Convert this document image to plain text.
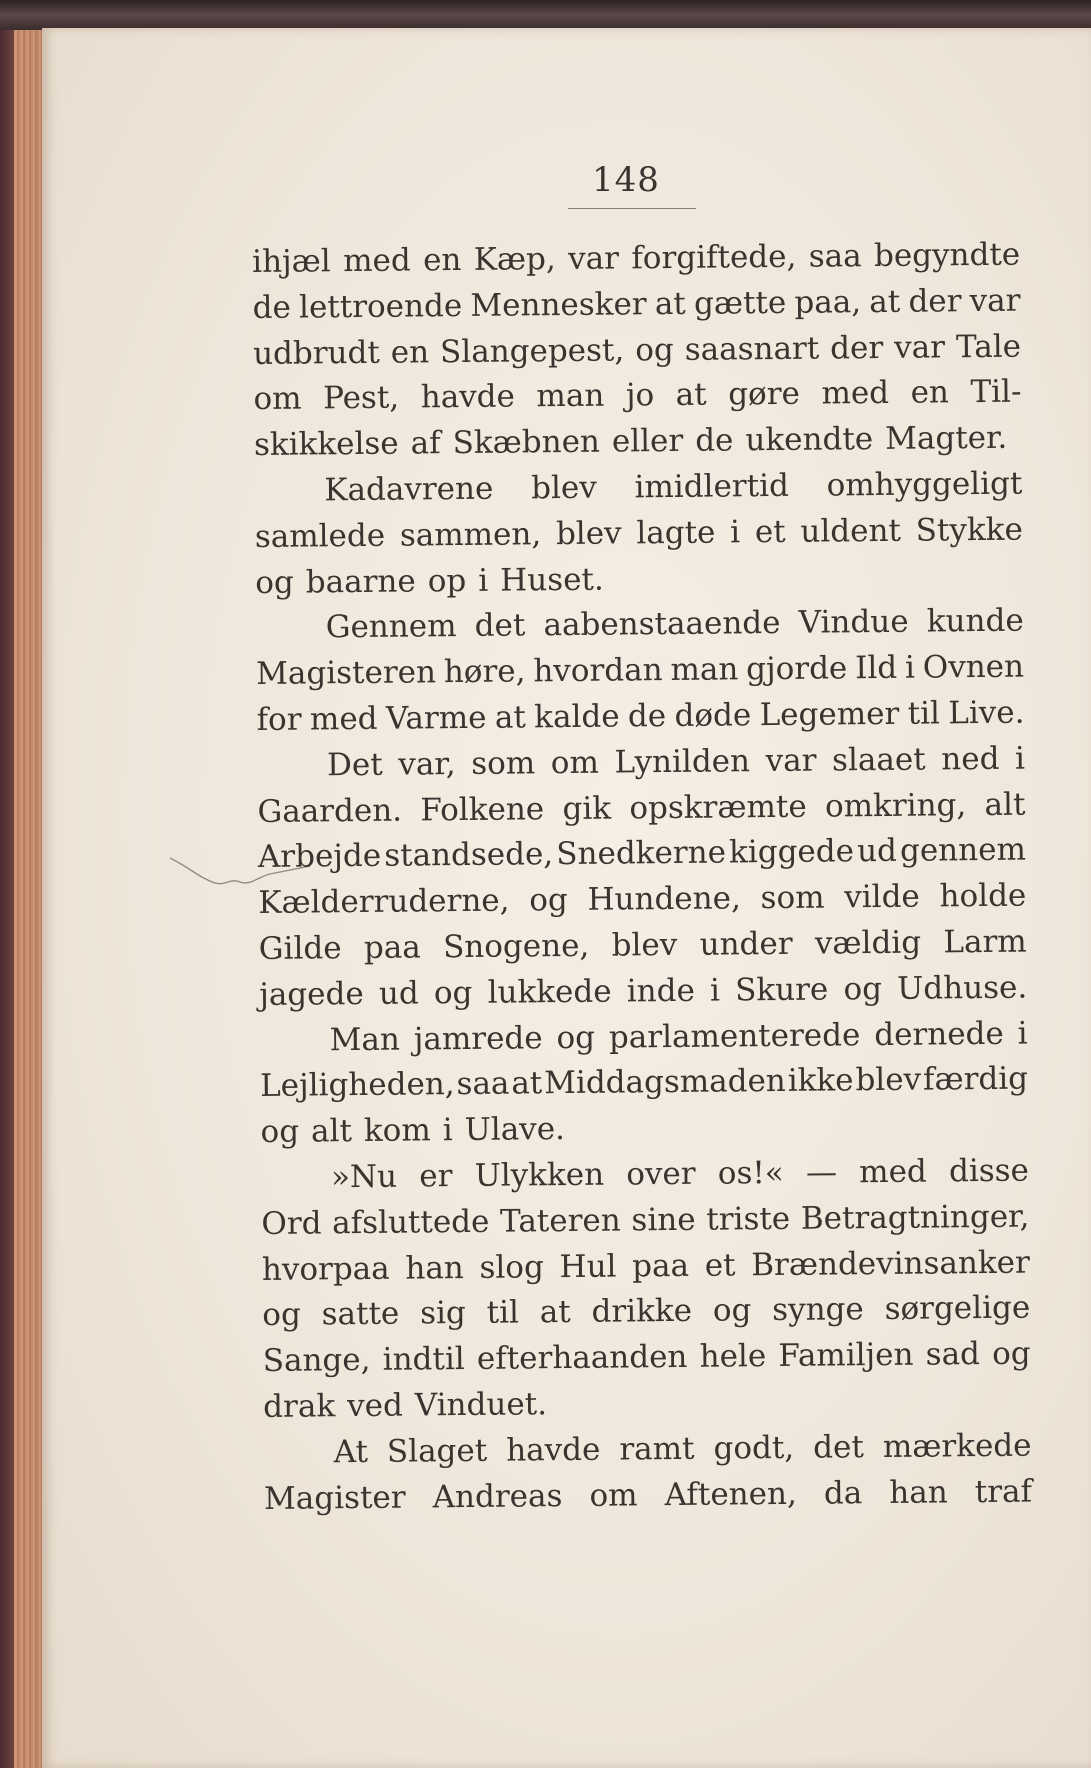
148
ihjæl med en Kæp, var forgiftede, saa begyndte
de lettroende Mennesker at gætte paa, at der var
udbrudt en Slangepest, og saasnart der var Tale
om Pest, havde man jo at gøre med en Til-
skikkelse af Skæbnen eller de ukendte Magter.
Kadavrene blev imidlertid omhyggeligt
samlede sammen, blev lagte i et uldent Stykke
og baarne op i Huset.
Gennem det aabenstaaende Vindue kunde
Magisteren høre, hvordan man gjorde Ild i Ovnen
for med Varme at kalde de døde Legemer til Live.
Det var, som om Lynilden var slaaet ned i
Gaarden. Folkene gik opskræmte omkring, alt
Arbejde standsede, Snedkerne kiggede ud gennem
Kælderruderne, og Hundene, som vilde holde
Gilde paa Snogene, blev under vældig Larm
jagede ud og lukkede inde i Skure og Udhuse.
Man jamrede og parlamenterede dernede i
Lejligheden, saa at Middagsmaden ikke blev færdig
og alt kom i Ulave.
»Nu er Ulykken over os!« — med disse
Ord afsluttede Tateren sine triste Betragtninger,
hvorpaa han slog Hul paa et Brændevinsanker
og satte sig til at drikke og synge sørgelige
Sange, indtil efterhaanden hele Familjen sad og
drak ved Vinduet.
At Slaget havde ramt godt, det mærkede
Magister Andreas om Aftenen, da han traf
